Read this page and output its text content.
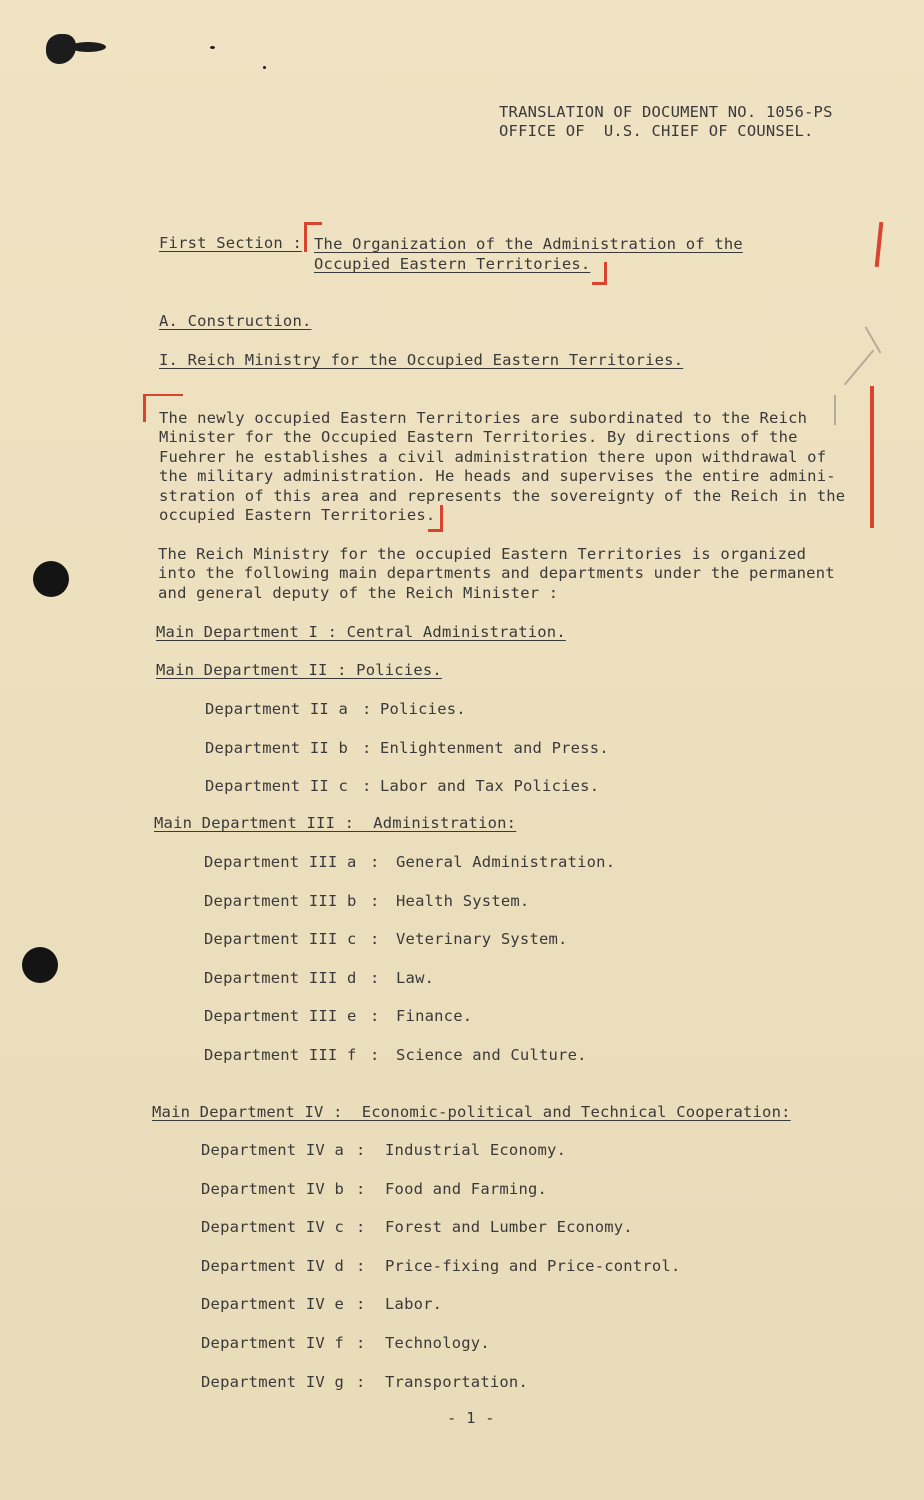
TRANSLATION OF DOCUMENT NO. 1056-PS
OFFICE OF  U.S. CHIEF OF COUNSEL.
First Section : The Organization of the Administration of the
Occupied Eastern Territories.
A. Construction.
I. Reich Ministry for the Occupied Eastern Territories.
The newly occupied Eastern Territories are subordinated to the Reich
Minister for the Occupied Eastern Territories. By directions of the
Fuehrer he establishes a civil administration there upon withdrawal of
the military administration. He heads and supervises the entire admini-
stration of this area and represents the sovereignty of the Reich in the
occupied Eastern Territories.
The Reich Ministry for the occupied Eastern Territories is organized
into the following main departments and departments under the permanent
and general deputy of the Reich Minister :
Main Department I : Central Administration.
Main Department II : Policies.
Department II a : Policies.
Department II b : Enlightenment and Press.
Department II c : Labor and Tax Policies.
Main Department III :  Administration:
Department III a : General Administration.
Department III b : Health System.
Department III c : Veterinary System.
Department III d : Law.
Department III e : Finance.
Department III f : Science and Culture.
Main Department IV :  Economic-political and Technical Cooperation:
Department IV a : Industrial Economy.
Department IV b : Food and Farming.
Department IV c : Forest and Lumber Economy.
Department IV d : Price-fixing and Price-control.
Department IV e : Labor.
Department IV f : Technology.
Department IV g : Transportation.
- 1 -
